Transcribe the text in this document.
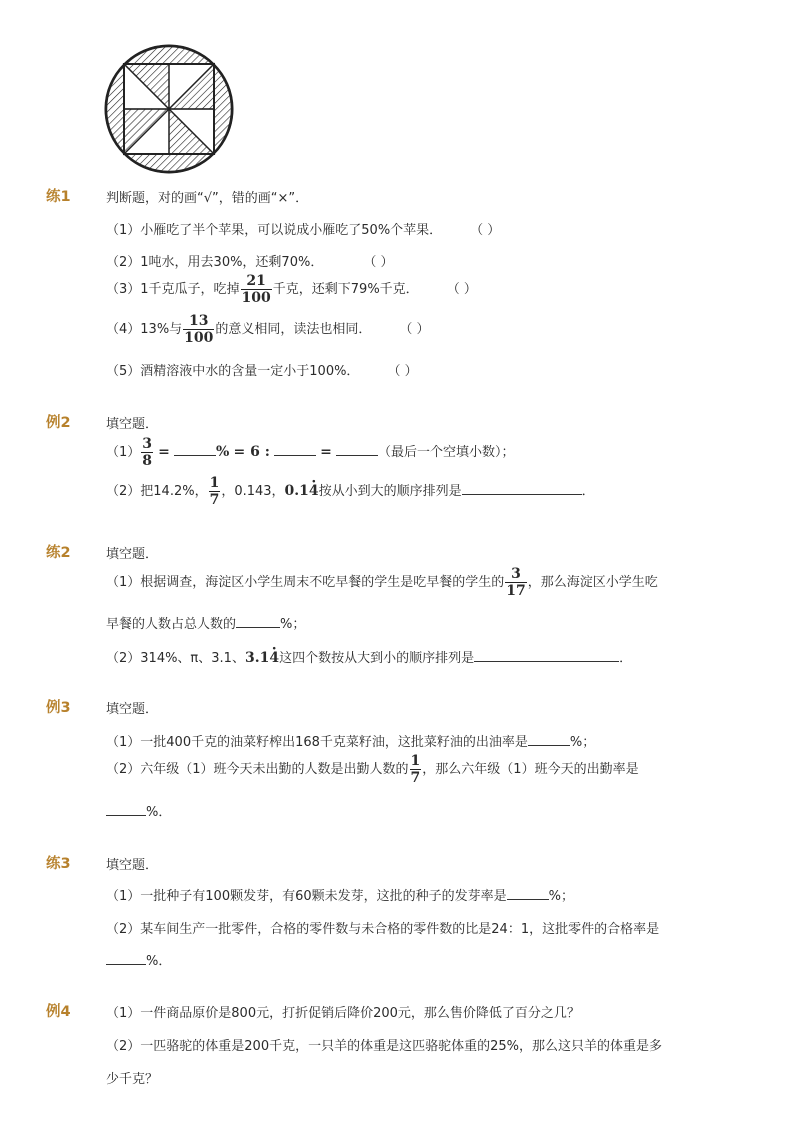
练1	判断题，对的画“√”，错的画“×”．
（1）小雁吃了半个苹果，可以说成小雁吃了50%个苹果． （ ）
（2）1吨水，用去30%，还剩70%．	（ ）
（3）1千克瓜子，吃掉 $\frac{21}{100}$ 千克，还剩下79%千克． （ ）
（4）13%与 $\frac{13}{100}$ 的意义相同，读法也相同． （ ）
（5）酒精溶液中水的含量一定小于100%． （ ）
例2	填空题．
$(1) \frac{3}{8}$ =	% = 6 :	=	（最后一个空填小数）；
（2）把14.2%， $\frac{1}{7}$ ，0.143，0.14 ·按从小到大的顺序排列是	．
练2	填空题．
（1）根据调查，海淀区小学生周末不吃早餐的学生是吃早餐的学生的 $\frac{3}{17}$ ，那么海淀区小学生吃
早餐的人数占总人数的	%；
（2）314%、π、3.1、3.14 ·这四个数按从大到小的顺序排列是	．
例3	填空题．
（1）一批400千克的油菜籽榨出168千克菜籽油，这批菜籽油的出油率是	%；
（2）六年级（1）班今天未出勤的人数是出勤人数的 $\frac{1}{7}$ ，那么六年级（1）班今天的出勤率是
%．
练3	填空题．
（1）一批种子有100颗发芽，有60颗未发芽，这批的种子的发芽率是	%；
（2）某车间生产一批零件，合格的零件数与未合格的零件数的比是24：1，这批零件的合格率是
%．
例4	（1）一件商品原价是800元，打折促销后降价200元，那么售价降低了百分之几？
（2）一匹骆驼的体重是200千克，一只羊的体重是这匹骆驼体重的25%，那么这只羊的体重是多
少千克？
